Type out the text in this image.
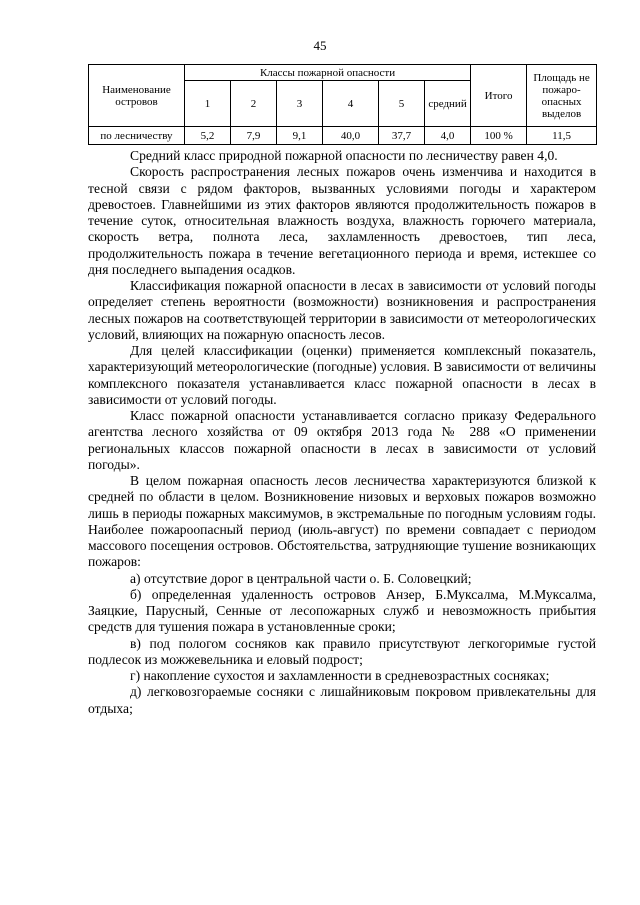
45
Наименование островов	Классы пожарной опасности						Итого	Площадь не пожаро-опасных выделов
	1	2	3	4	5	средний		
по лесничеству	5,2	7,9	9,1	40,0	37,7	4,0	100 %	11,5

Средний класс природной пожарной опасности по лесничеству равен 4,0.

Скорость распространения лесных пожаров очень изменчива и находится в тесной связи с рядом факторов, вызванных условиями погоды и характером древостоев. Главнейшими из этих факторов являются продолжительность пожаров в течение суток, относительная влажность воздуха, влажность горючего материала, скорость ветра, полнота леса, захламленность древостоев, тип леса, продолжительность пожара в течение вегетационного периода и время, истекшее со дня последнего выпадения осадков.

Классификация пожарной опасности в лесах в зависимости от условий погоды определяет степень вероятности (возможности) возникновения и распространения лесных пожаров на соответствующей территории в зависимости от метеорологических условий, влияющих на пожарную опасность лесов.

Для целей классификации (оценки) применяется комплексный показатель, характеризующий метеорологические (погодные) условия. В зависимости от величины комплексного показателя устанавливается класс пожарной опасности в лесах в зависимости от условий погоды.

Класс пожарной опасности устанавливается согласно приказу Федерального агентства лесного хозяйства от 09 октября 2013 года № 288 «О применении региональных классов пожарной опасности в лесах в зависимости от условий погоды».

В целом пожарная опасность лесов лесничества характеризуются близкой к средней по области в целом. Возникновение низовых и верховых пожаров возможно лишь в периоды пожарных максимумов, в экстремальные по погодным условиям годы. Наиболее пожароопасный период (июль-август) по времени совпадает с периодом массового посещения островов. Обстоятельства, затрудняющие тушение возникающих пожаров:

а) отсутствие дорог в центральной части о. Б. Соловецкий;

б) определенная удаленность островов Анзер, Б.Муксалма, М.Муксалма, Заяцкие, Парусный, Сенные от лесопожарных служб и невозможность прибытия средств для тушения пожара в установленные сроки;

в) под пологом сосняков как правило присутствуют легкогоримые густой подлесок из можжевельника и еловый подрост;

г) накопление сухостоя и захламленности в средневозрастных сосняках;

д) легковозгораемые сосняки с лишайниковым покровом привлекательны для отдыха;
